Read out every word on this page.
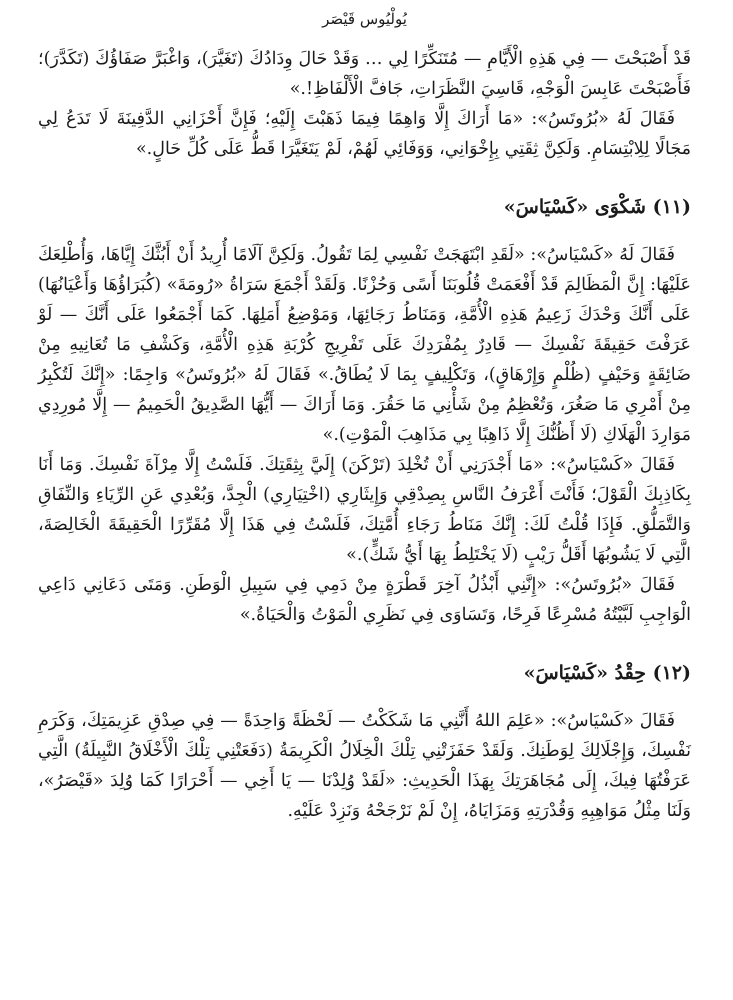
يُولْيُوس قَيْصَر

قَدْ أَصْبَحْتَ — فِي هَذِهِ الْأَيَّامِ — مُتَنَكِّرًا لِي … وَقَدْ حَالَ وِدَادُكَ (تَغَيَّرَ)، وَاغْبَرَّ صَفَاؤُكَ (تَكَدَّرَ)؛ فَأَصْبَحْتَ عَابِسَ الْوَجْهِ، قَاسِيَ النَّظَرَاتِ، جَافَّ الْأَلْفَاظِ!.»

فَقَالَ لَهُ «بُرُوتَسُ»: «مَا أَرَاكَ إِلَّا وَاهِمًا فِيمَا ذَهَبْتَ إِلَيْهِ؛ فَإِنَّ أَحْزَانِي الدَّفِينَةَ لَا تَدَعُ لِي مَجَالًا لِلِابْتِسَامِ. وَلَكِنَّ ثِقَتِي بِإِخْوَانِي، وَوَفَائِي لَهُمْ، لَمْ يَتَغَيَّرَا قَطُّ عَلَى كُلِّ حَالٍ.»

(١١) شَكْوَى «كَسْيَاسَ»

فَقَالَ لَهُ «كَسْيَاسُ»: «لَقَدِ ابْتَهَجَتْ نَفْسِي لِمَا تَقُولُ. وَلَكِنَّ آلَامًا أُرِيدُ أَنْ أَبُثَّكَ إِيَّاهَا، وَأُطْلِعَكَ عَلَيْهَا: إِنَّ الْمَظَالِمَ قَدْ أَفْعَمَتْ قُلُوبَنَا أَسًى وَحُزْنًا. وَلَقَدْ أَجْمَعَ سَرَاةُ «رُومَةَ» (كُبَرَاؤُهَا وَأَعْيَانُهَا) عَلَى أَنَّكَ وَحْدَكَ زَعِيمُ هَذِهِ الْأُمَّةِ، وَمَنَاطُ رَجَائِهَا، وَمَوْضِعُ أَمَلِهَا. كَمَا أَجْمَعُوا عَلَى أَنَّكَ — لَوْ عَرَفْتَ حَقِيقَةَ نَفْسِكَ — قَادِرٌ بِمُفْرَدِكَ عَلَى تَفْرِيجِ كُرْبَةِ هَذِهِ الْأُمَّةِ، وَكَشْفِ مَا تُعَانِيهِ مِنْ ضَائِقَةٍ وَحَيْفٍ (ظُلْمٍ وَإِرْهَاقٍ)، وَتَكْلِيفٍ بِمَا لَا يُطَاقُ.» فَقَالَ لَهُ «بُرُوتَسُ» وَاجِمًا: «إِنَّكَ لَتُكْبِرُ مِنْ أَمْرِي مَا صَغُرَ، وَتُعْظِمُ مِنْ شَأْنِي مَا حَقُرَ. وَمَا أَرَاكَ — أَيُّهَا الصَّدِيقُ الْحَمِيمُ — إِلَّا مُورِدِي مَوَارِدَ الْهَلَاكِ (لَا أَظُنُّكَ إِلَّا ذَاهِبًا بِي مَذَاهِبَ الْمَوْتِ).»

فَقَالَ «كَسْيَاسُ»: «مَا أَجْدَرَنِي أَنْ تُخْلِدَ (تَرْكَنَ) إِلَيَّ بِثِقَتِكَ. فَلَسْتُ إِلَّا مِرْآةَ نَفْسِكَ. وَمَا أَنَا بِكَاذِبِكَ الْقَوْلَ؛ فَأَنْتَ أَعْرَفُ النَّاسِ بِصِدْقِي وَإِيثَارِي (اخْتِيَارِي) الْجِدَّ، وَبُعْدِي عَنِ الرِّيَاءِ وَالنِّفَاقِ وَالتَّمَلُّقِ. فَإِذَا قُلْتُ لَكَ: إِنَّكَ مَنَاطُ رَجَاءِ أُمَّتِكَ، فَلَسْتُ فِي هَذَا إِلَّا مُقَرِّرًا الْحَقِيقَةَ الْخَالِصَةَ، الَّتِي لَا يَشُوبُهَا أَقَلُّ رَيْبٍ (لَا يَخْتَلِطُ بِهَا أَيُّ شَكٍّ).»

فَقَالَ «بُرُوتَسُ»: «إِنَّنِي أَبْذُلُ آخِرَ قَطْرَةٍ مِنْ دَمِي فِي سَبِيلِ الْوَطَنِ. وَمَتَى دَعَانِي دَاعِي الْوَاجِبِ لَبَّيْتُهُ مُسْرِعًا فَرِحًا، وَتَسَاوَى فِي نَظَرِي الْمَوْتُ وَالْحَيَاةُ.»

(١٢) حِقْدُ «كَسْيَاسَ»

فَقَالَ «كَسْيَاسُ»: «عَلِمَ اللهُ أَنَّنِي مَا شَكَكْتُ — لَحْظَةً وَاحِدَةً — فِي صِدْقِ عَزِيمَتِكَ، وَكَرَمِ نَفْسِكَ، وَإِجْلَالِكَ لِوَطَنِكَ. وَلَقَدْ حَفَزَتْنِي تِلْكَ الْخِلَالُ الْكَرِيمَةُ (دَفَعَتْنِي تِلْكَ الْأَخْلَاقُ النَّبِيلَةُ) الَّتِي عَرَفْتُهَا فِيكَ، إِلَى مُجَاهَرَتِكَ بِهَذَا الْحَدِيثِ: «لَقَدْ وُلِدْنَا — يَا أَخِي — أَحْرَارًا كَمَا وُلِدَ «قَيْصَرُ»، وَلَنَا مِثْلُ مَوَاهِبِهِ وَقُدْرَتِهِ وَمَزَايَاهُ، إِنْ لَمْ نَرْجَحْهُ وَنَزِدْ عَلَيْهِ.
